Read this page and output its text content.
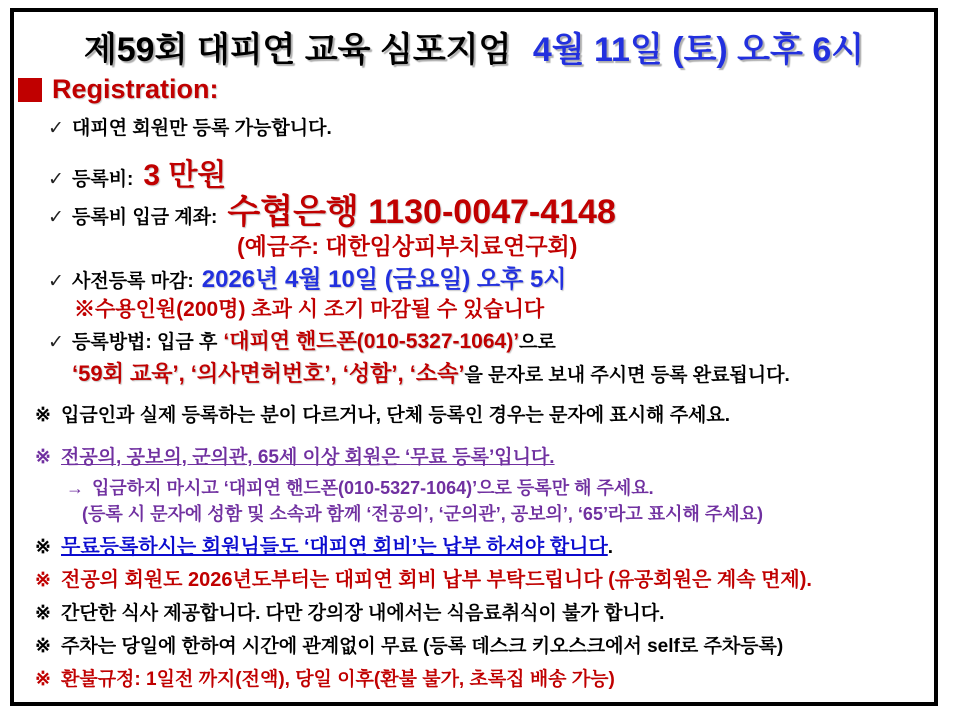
제59회 대피연 교육 심포지엄 4월 11일 (토) 오후 6시
Registration:
✓ 대피연 회원만 등록 가능합니다.
✓ 등록비: 3 만원
✓ 등록비 입금 계좌: 수협은행 1130-0047-4148
(예금주: 대한임상피부치료연구회)
✓ 사전등록 마감: 2026년 4월 10일 (금요일) 오후 5시
※수용인원(200명) 초과 시 조기 마감될 수 있습니다
✓ 등록방법: 입금 후 ‘대피연 핸드폰(010-5327-1064)’ 으로
‘59회 교육’, ‘의사면허번호’, ‘성함’, ‘소속’ 을 문자로 보내 주시면 등록 완료됩니다.
※ 입금인과 실제 등록하는 분이 다르거나, 단체 등록인 경우는 문자에 표시해 주세요.
※ 전공의, 공보의, 군의관, 65세 이상 회원은 ‘무료 등록’입니다.
→ 입금하지 마시고 ‘대피연 핸드폰(010-5327-1064)’으로 등록만 해 주세요.
(등록 시 문자에 성함 및 소속과 함께 ‘전공의’, ‘군의관’, 공보의’, ‘65’라고 표시해 주세요)
※ 무료등록하시는 회원님들도 ‘대피연 회비’는 납부 하셔야 합니다 .
※ 전공의 회원도 2026년도부터는 대피연 회비 납부 부탁드립니다 (유공회원은 계속 면제).
※ 간단한 식사 제공합니다. 다만 강의장 내에서는 식음료취식이 불가 합니다.
※ 주차는 당일에 한하여 시간에 관계없이 무료 (등록 데스크 키오스크에서 self로 주차등록)
※ 환불규정: 1일전 까지(전액), 당일 이후(환불 불가, 초록집 배송 가능)
